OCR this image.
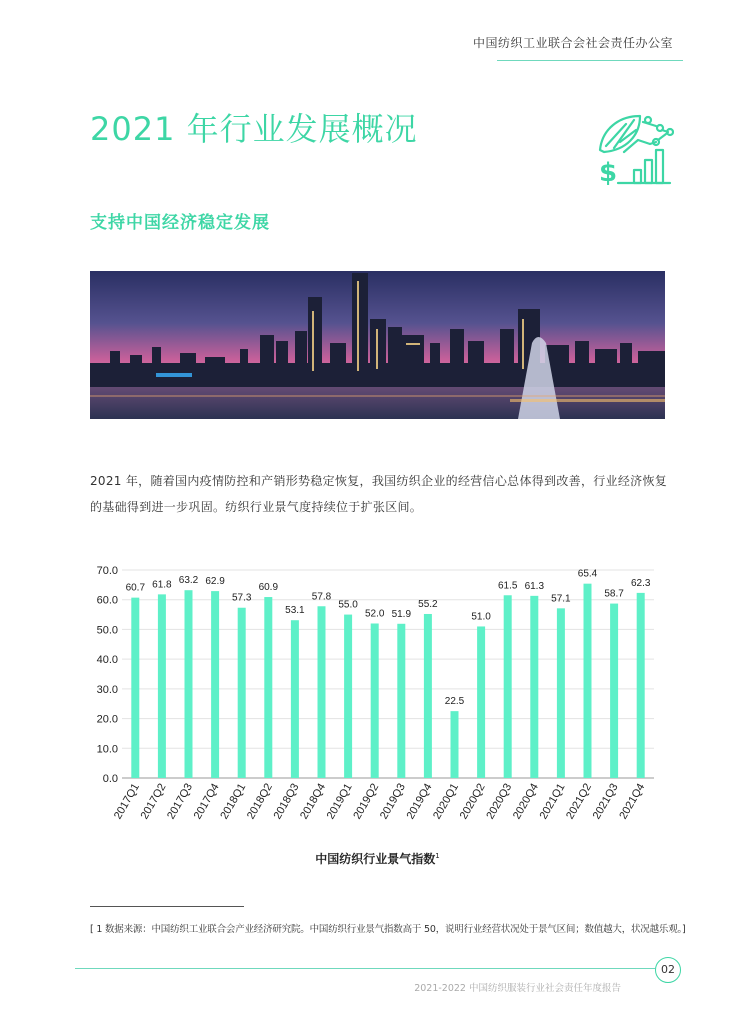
中国纺织工业联合会社会责任办公室
2021 年行业发展概况
$
支持中国经济稳定发展
2021 年，随着国内疫情防控和产销形势稳定恢复，我国纺织企业的经营信心总体得到改善，行业经济恢复的基础得到进一步巩固。纺织行业景气度持续位于扩张区间。
0.0
10.0
20.0
30.0
40.0
50.0
60.0
70.0
60.7
2017Q1
61.8
2017Q2
63.2
2017Q3
62.9
2017Q4
57.3
2018Q1
60.9
2018Q2
53.1
2018Q3
57.8
2018Q4
55.0
2019Q1
52.0
2019Q2
51.9
2019Q3
55.2
2019Q4
22.5
2020Q1
51.0
2020Q2
61.5
2020Q3
61.3
2020Q4
57.1
2021Q1
65.4
2021Q2
58.7
2021Q3
62.3
2021Q4
中国纺织行业景气指数$^1$
[ 1 数据来源：中国纺织工业联合会产业经济研究院。中国纺织行业景气指数高于 50，说明行业经营状况处于景气区间；数值越大，状况越乐观。]
02
2021-2022 中国纺织服装行业社会责任年度报告
